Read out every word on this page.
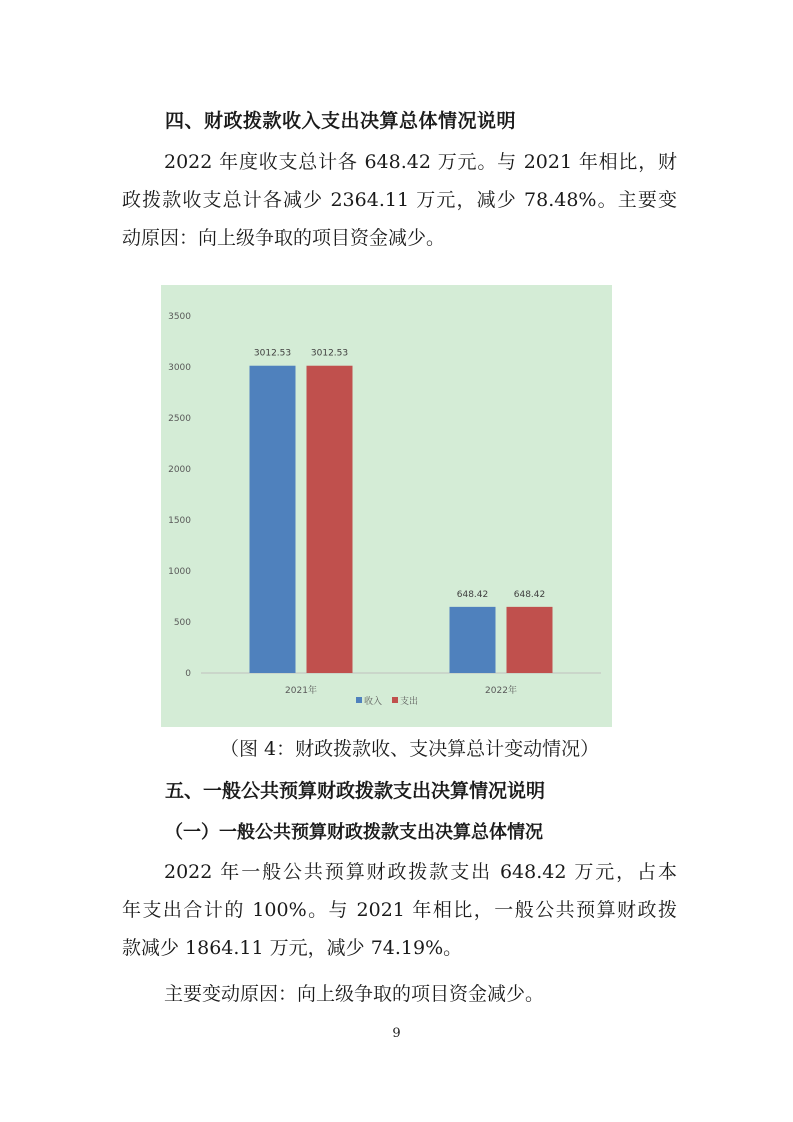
四、财政拨款收入支出决算总体情况说明
2022 年度收支总计各 648.42 万元。与 2021 年相比，财
政拨款收支总计各减少 2364.11 万元，减少 78.48%。主要变
动原因：向上级争取的项目资金减少。
0
500
1000
1500
2000
2500
3000
3500
3012.53 3012.53
2021年
648.42	648.42
2022年
收入 支出
（图 4：财政拨款收、支决算总计变动情况）
五、一般公共预算财政拨款支出决算情况说明
（一）一般公共预算财政拨款支出决算总体情况
2022 年一般公共预算财政拨款支出 648.42 万元，占本
年支出合计的 100%。与 2021 年相比，一般公共预算财政拨
款减少 1864.11 万元，减少 74.19%。
主要变动原因：向上级争取的项目资金减少。
9
